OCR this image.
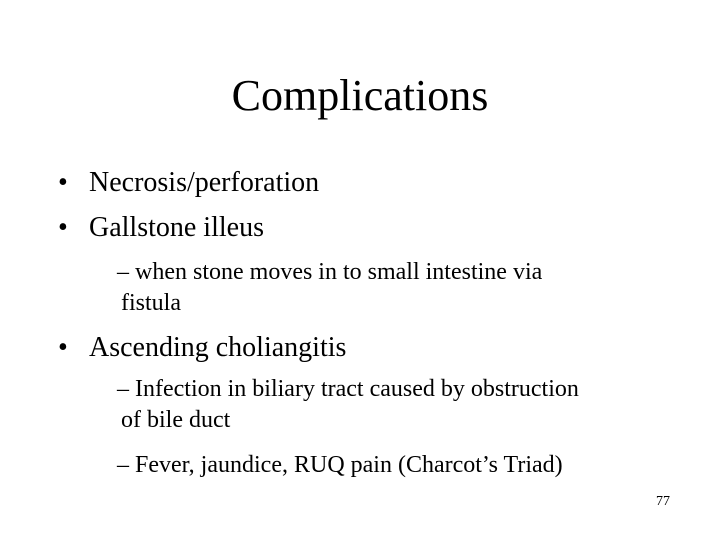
Complications
• Necrosis/perforation
• Gallstone illeus
– when stone moves in to small intestine via
fistula
• Ascending choliangitis
– Infection in biliary tract caused by obstruction
of bile duct
– Fever, jaundice, RUQ pain (Charcot’s Triad)
77
